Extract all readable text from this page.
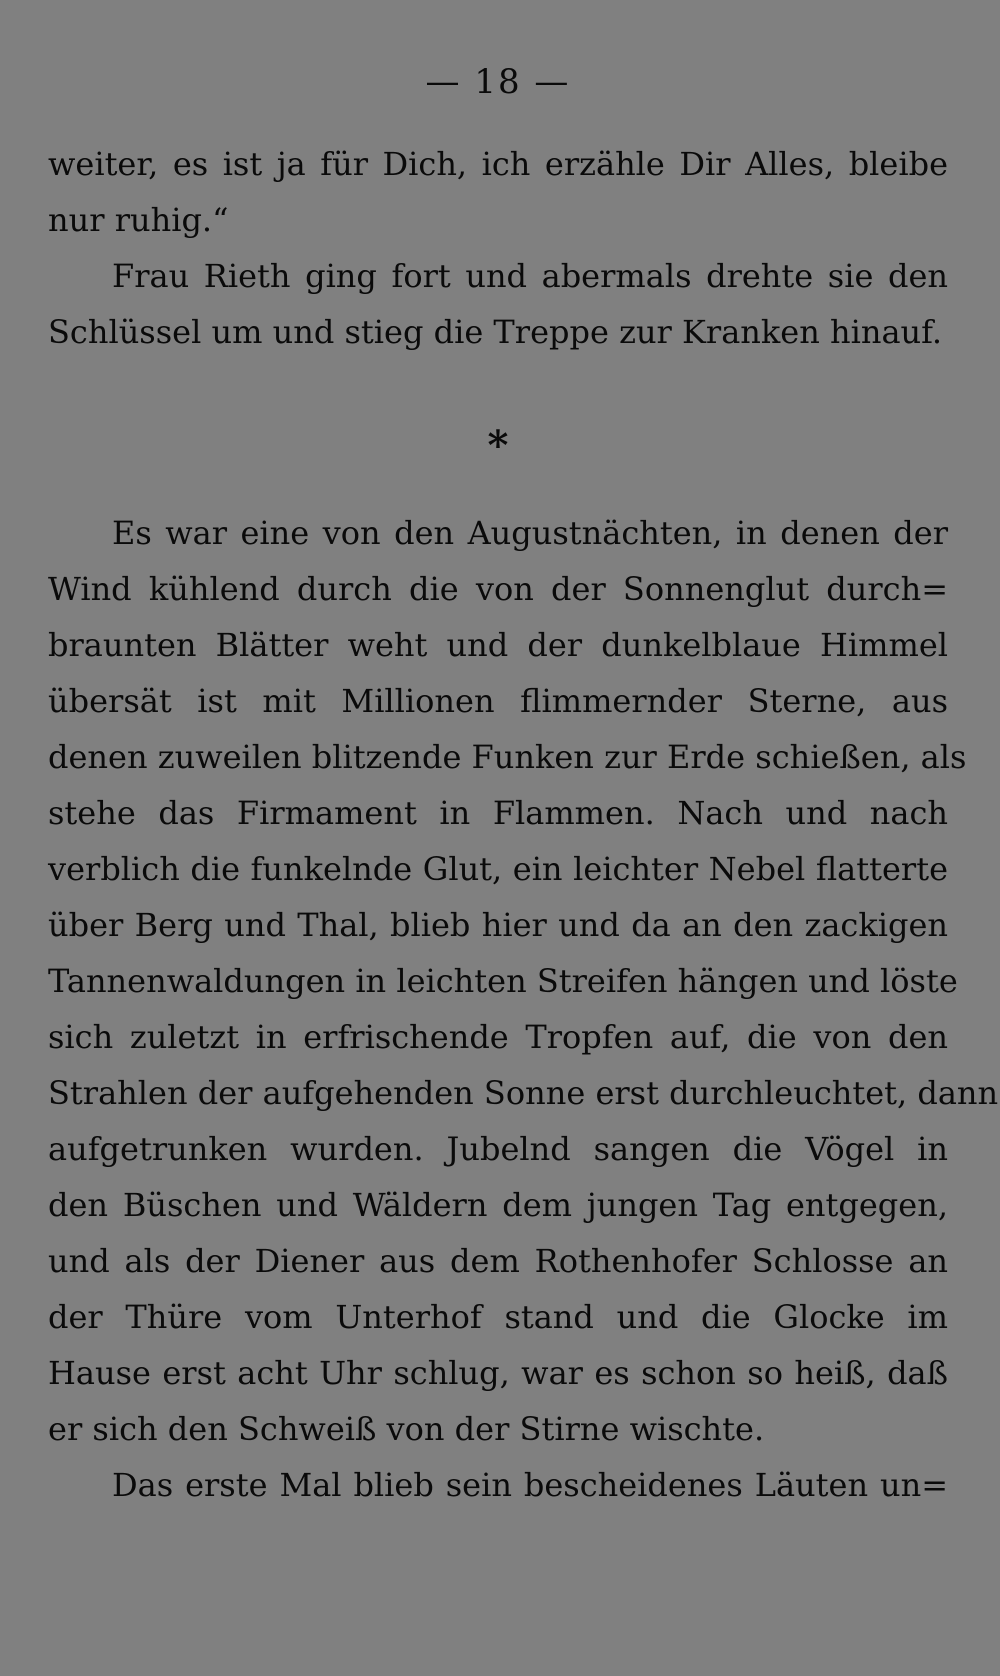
— 18 —
weiter, es ist ja für Dich, ich erzähle Dir Alles, bleibe
nur ruhig.“
Frau Rieth ging fort und abermals drehte sie den
Schlüssel um und stieg die Treppe zur Kranken hinauf.
*
Es war eine von den Augustnächten, in denen der
Wind kühlend durch die von der Sonnenglut durch=
braunten Blätter weht und der dunkelblaue Himmel
übersät ist mit Millionen flimmernder Sterne, aus
denen zuweilen blitzende Funken zur Erde schießen, als
stehe das Firmament in Flammen. Nach und nach
verblich die funkelnde Glut, ein leichter Nebel flatterte
über Berg und Thal, blieb hier und da an den zackigen
Tannenwaldungen in leichten Streifen hängen und löste
sich zuletzt in erfrischende Tropfen auf, die von den
Strahlen der aufgehenden Sonne erst durchleuchtet, dann
aufgetrunken wurden. Jubelnd sangen die Vögel in
den Büschen und Wäldern dem jungen Tag entgegen,
und als der Diener aus dem Rothenhofer Schlosse an
der Thüre vom Unterhof stand und die Glocke im
Hause erst acht Uhr schlug, war es schon so heiß, daß
er sich den Schweiß von der Stirne wischte.
Das erste Mal blieb sein bescheidenes Läuten un=
